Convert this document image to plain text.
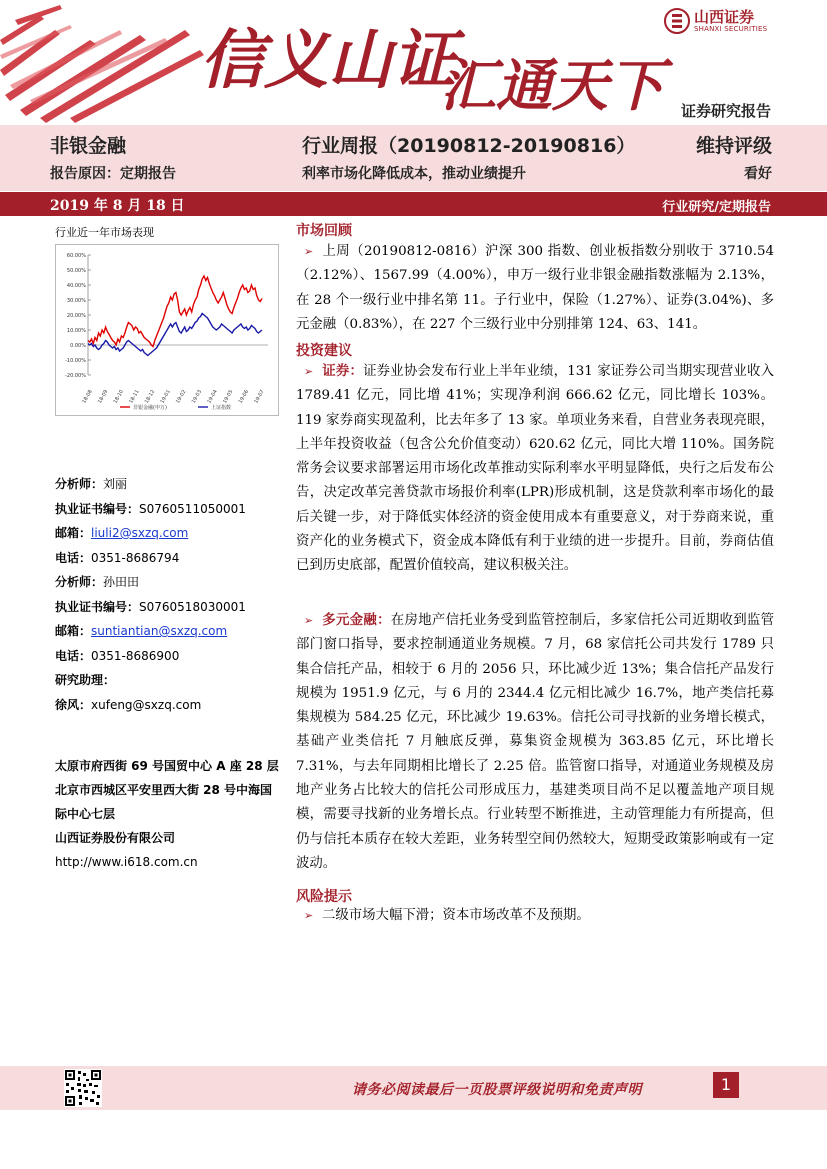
信义山证
汇通天下
山西证券
SHANXI SECURITIES
证券研究报告
非银金融	行业周报（20190812-20190816）	维持评级
报告原因：定期报告	利率市场化降低成本，推动业绩提升	看好
2019 年 8 月 18 日	行业研究/定期报告
行业近一年市场表现
60.00%
50.00%
40.00%
30.00%
20.00%
10.00%
0.00%
-10.00%
-20.00%
18-08 18-09 18-10 18-11 18-12 19-01 19-02 19-03 19-04 19-05 19-06 19-07
非银金融(申万)	上证指数
分析师：刘丽
执业证书编号：S0760511050001
邮箱：liuli2@sxzq.com
电话：0351-8686794
分析师：孙田田
执业证书编号：S0760518030001
邮箱：suntiantian@sxzq.com
电话：0351-8686900
研究助理：
徐风：xufeng@sxzq.com
太原市府西街 69 号国贸中心 A 座 28 层
北京市西城区平安里西大街 28 号中海国
际中心七层
山西证券股份有限公司
http://www.i618.com.cn
市场回顾
➢ 上周（20190812-0816）沪深 300 指数、创业板指数分别收于 3710.54（2.12%）、1567.99（4.00%），申万一级行业非银金融指数涨幅为 2.13%，在 28 个一级行业中排名第 11。子行业中，保险（1.27%）、证券(3.04%)、多元金融（0.83%），在 227 个三级行业中分别排第 124、63、141。
投资建议
➢ 证券：证券业协会发布行业上半年业绩，131 家证券公司当期实现营业收入 1789.41 亿元，同比增 41%；实现净利润 666.62 亿元，同比增长 103%。119 家券商实现盈利，比去年多了 13 家。单项业务来看，自营业务表现亮眼，上半年投资收益（包含公允价值变动）620.62 亿元，同比大增 110%。国务院常务会议要求部署运用市场化改革推动实际利率水平明显降低，央行之后发布公告，决定改革完善贷款市场报价利率(LPR)形成机制，这是贷款利率市场化的最后关键一步，对于降低实体经济的资金使用成本有重要意义，对于券商来说，重资产化的业务模式下，资金成本降低有利于业绩的进一步提升。目前，券商估值已到历史底部，配置价值较高，建议积极关注。
➢ 多元金融：在房地产信托业务受到监管控制后，多家信托公司近期收到监管部门窗口指导，要求控制通道业务规模。7 月，68 家信托公司共发行 1789 只集合信托产品，相较于 6 月的 2056 只，环比减少近 13%；集合信托产品发行规模为 1951.9 亿元，与 6 月的 2344.4 亿元相比减少 16.7%，地产类信托募集规模为 584.25 亿元，环比减少 19.63%。信托公司寻找新的业务增长模式，基础产业类信托 7 月触底反弹，募集资金规模为 363.85 亿元，环比增长 7.31%，与去年同期相比增长了 2.25 倍。监管窗口指导，对通道业务规模及房地产业务占比较大的信托公司形成压力，基建类项目尚不足以覆盖地产项目规模，需要寻找新的业务增长点。行业转型不断推进，主动管理能力有所提高，但仍与信托本质存在较大差距，业务转型空间仍然较大，短期受政策影响或有一定波动。
风险提示
➢ 二级市场大幅下滑；资本市场改革不及预期。
请务必阅读最后一页股票评级说明和免责声明	1
